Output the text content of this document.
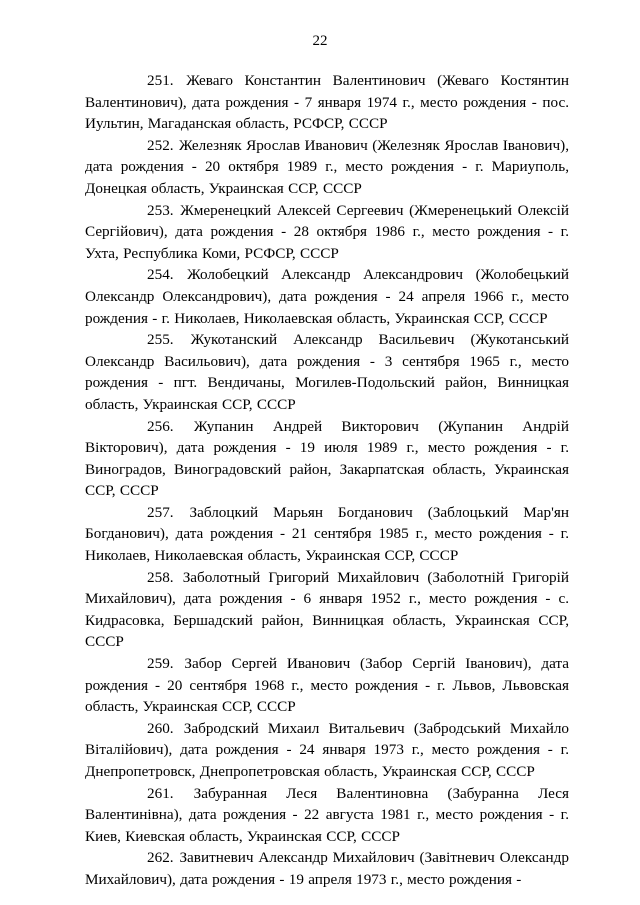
22

251. Жеваго Константин Валентинович (Жеваго Костянтин Валентинович), дата рождения - 7 января 1974 г., место рождения - пос. Иультин, Магаданская область, РСФСР, СССР

252. Железняк Ярослав Иванович (Железняк Ярослав Іванович), дата рождения - 20 октября 1989 г., место рождения - г. Мариуполь, Донецкая область, Украинская ССР, СССР

253. Жмеренецкий Алексей Сергеевич (Жмеренецький Олексій Сергійович), дата рождения - 28 октября 1986 г., место рождения - г. Ухта, Республика Коми, РСФСР, СССР

254. Жолобецкий Александр Александрович (Жолобецький Олександр Олександрович), дата рождения - 24 апреля 1966 г., место рождения - г. Николаев, Николаевская область, Украинская ССР, СССР

255. Жукотанский Александр Васильевич (Жукотанський Олександр Васильович), дата рождения - 3 сентября 1965 г., место рождения - пгт. Вендичаны, Могилев-Подольский район, Винницкая область, Украинская ССР, СССР

256. Жупанин Андрей Викторович (Жупанин Андрій Вікторович), дата рождения - 19 июля 1989 г., место рождения - г. Виноградов, Виноградовский район, Закарпатская область, Украинская ССР, СССР

257. Заблоцкий Марьян Богданович (Заблоцький Мар'ян Богданович), дата рождения - 21 сентября 1985 г., место рождения - г. Николаев, Николаевская область, Украинская ССР, СССР

258. Заболотный Григорий Михайлович (Заболотній Григорій Михайлович), дата рождения - 6 января 1952 г., место рождения - с. Кидрасовка, Бершадский район, Винницкая область, Украинская ССР, СССР

259. Забор Сергей Иванович (Забор Сергій Іванович), дата рождения - 20 сентября 1968 г., место рождения - г. Львов, Львовская область, Украинская ССР, СССР

260. Забродский Михаил Витальевич (Забродський Михайло Віталійович), дата рождения - 24 января 1973 г., место рождения - г. Днепропетровск, Днепропетровская область, Украинская ССР, СССР

261. Забуранная Леся Валентиновна (Забуранна Леся Валентинівна), дата рождения - 22 августа 1981 г., место рождения - г. Киев, Киевская область, Украинская ССР, СССР

262. Завитневич Александр Михайлович (Завітневич Олександр Михайлович), дата рождения - 19 апреля 1973 г., место рождения -
